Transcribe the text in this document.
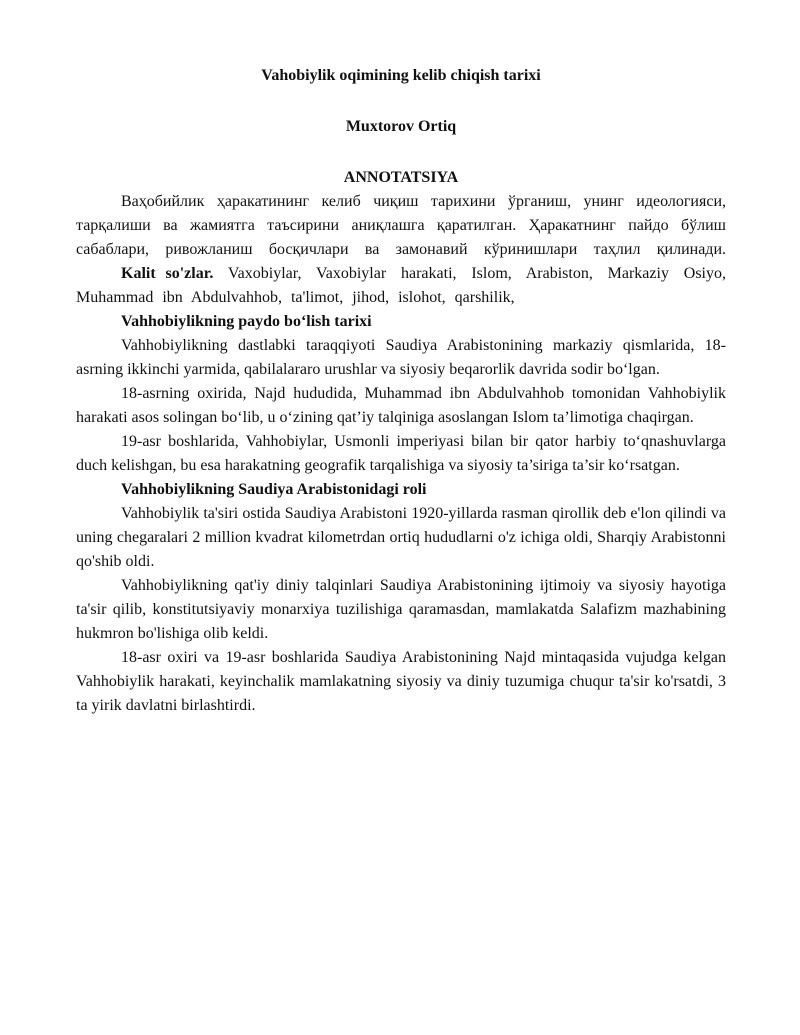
Vahobiylik oqimining kelib chiqish tarixi

Muxtorov Ortiq

ANNOTATSIYA

Ваҳобийлик ҳаракатининг келиб чиқиш тарихини ўрганиш, унинг идеологияси, тарқалиши ва жамиятга таъсирини аниқлашга қаратилган. Ҳаракатнинг пайдо бўлиш сабаблари, ривожланиш босқичлари ва замонавий кўринишлари таҳлил қилинади.

Kalit so'zlar. Vaxobiylar, Vaxobiylar harakati, Islom, Arabiston, Markaziy Osiyo, Muhammad ibn Abdulvahhob, ta'limot, jihod, islohot, qarshilik,

Vahhobiylikning paydo bo‘lish tarixi

Vahhobiylikning dastlabki taraqqiyoti Saudiya Arabistonining markaziy qismlarida, 18-asrning ikkinchi yarmida, qabilalararo urushlar va siyosiy beqarorlik davrida sodir bo‘lgan.

18-asrning oxirida, Najd hududida, Muhammad ibn Abdulvahhob tomonidan Vahhobiylik harakati asos solingan bo‘lib, u o‘zining qat’iy talqiniga asoslangan Islom ta’limotiga chaqirgan.

19-asr boshlarida, Vahhobiylar, Usmonli imperiyasi bilan bir qator harbiy to‘qnashuvlarga duch kelishgan, bu esa harakatning geografik tarqalishiga va siyosiy ta’siriga ta’sir ko‘rsatgan.

Vahhobiylikning Saudiya Arabistonidagi roli

Vahhobiylik ta'siri ostida Saudiya Arabistoni 1920-yillarda rasman qirollik deb e'lon qilindi va uning chegaralari 2 million kvadrat kilometrdan ortiq hududlarni o'z ichiga oldi, Sharqiy Arabistonni qo'shib oldi.

Vahhobiylikning qat'iy diniy talqinlari Saudiya Arabistonining ijtimoiy va siyosiy hayotiga ta'sir qilib, konstitutsiyaviy monarxiya tuzilishiga qaramasdan, mamlakatda Salafizm mazhabining hukmron bo'lishiga olib keldi.

18-asr oxiri va 19-asr boshlarida Saudiya Arabistonining Najd mintaqasida vujudga kelgan Vahhobiylik harakati, keyinchalik mamlakatning siyosiy va diniy tuzumiga chuqur ta'sir ko'rsatdi, 3 ta yirik davlatni birlashtirdi.
